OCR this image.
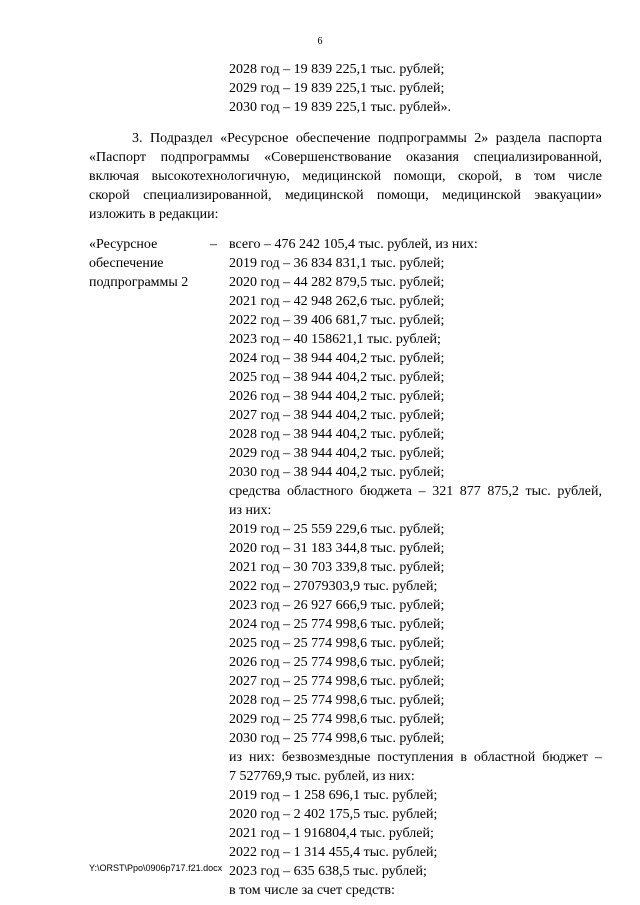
6
2028 год – 19 839 225,1 тыс. рублей;
2029 год – 19 839 225,1 тыс. рублей;
2030 год – 19 839 225,1 тыс. рублей».
3. Подраздел «Ресурсное обеспечение подпрограммы 2» раздела паспорта
«Паспорт подпрограммы «Совершенствование оказания специализированной,
включая высокотехнологичную, медицинской помощи, скорой, в том числе
скорой специализированной, медицинской помощи, медицинской эвакуации»
изложить в редакции:
«Ресурсное
обеспечение
подпрограммы 2
– всего – 476 242 105,4 тыс. рублей, из них:
2019 год – 36 834 831,1 тыс. рублей;
2020 год – 44 282 879,5 тыс. рублей;
2021 год – 42 948 262,6 тыс. рублей;
2022 год – 39 406 681,7 тыс. рублей;
2023 год – 40 158621,1 тыс. рублей;
2024 год – 38 944 404,2 тыс. рублей;
2025 год – 38 944 404,2 тыс. рублей;
2026 год – 38 944 404,2 тыс. рублей;
2027 год – 38 944 404,2 тыс. рублей;
2028 год – 38 944 404,2 тыс. рублей;
2029 год – 38 944 404,2 тыс. рублей;
2030 год – 38 944 404,2 тыс. рублей;
средства областного бюджета – 321 877 875,2 тыс. рублей,
из них:
2019 год – 25 559 229,6 тыс. рублей;
2020 год – 31 183 344,8 тыс. рублей;
2021 год – 30 703 339,8 тыс. рублей;
2022 год – 27079303,9 тыс. рублей;
2023 год – 26 927 666,9 тыс. рублей;
2024 год – 25 774 998,6 тыс. рублей;
2025 год – 25 774 998,6 тыс. рублей;
2026 год – 25 774 998,6 тыс. рублей;
2027 год – 25 774 998,6 тыс. рублей;
2028 год – 25 774 998,6 тыс. рублей;
2029 год – 25 774 998,6 тыс. рублей;
2030 год – 25 774 998,6 тыс. рублей;
из них: безвозмездные поступления в областной бюджет –
7 527769,9 тыс. рублей, из них:
2019 год – 1 258 696,1 тыс. рублей;
2020 год – 2 402 175,5 тыс. рублей;
2021 год – 1 916804,4 тыс. рублей;
2022 год – 1 314 455,4 тыс. рублей;
2023 год – 635 638,5 тыс. рублей;
в том числе за счет средств:
Y:\ORST\Ppo\0906p717.f21.docx
